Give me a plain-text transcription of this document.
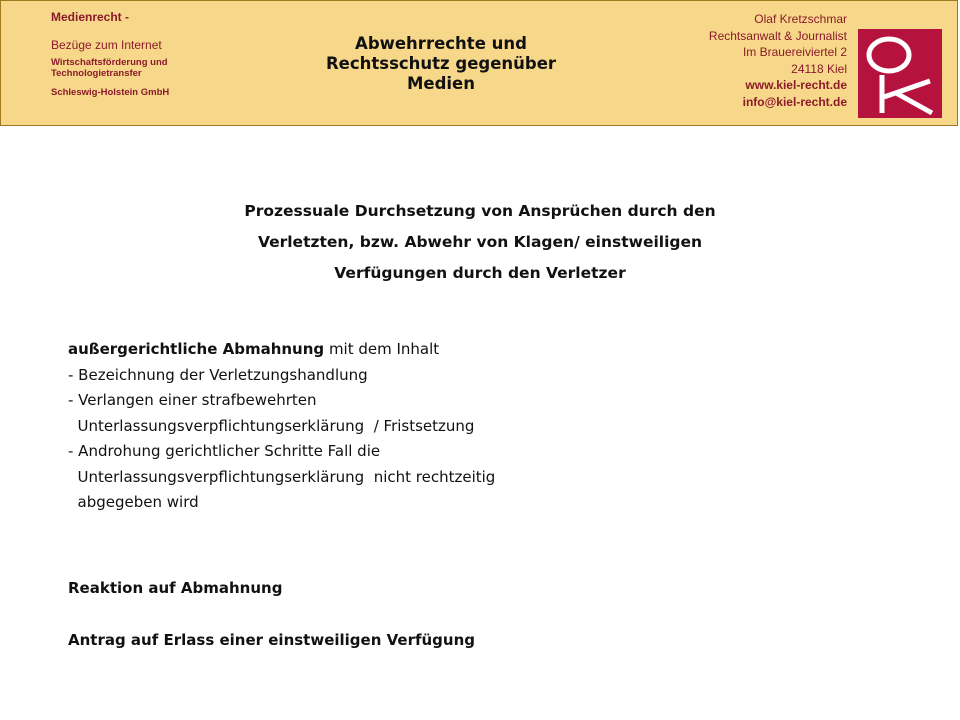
Medienrecht -
Bezüge zum Internet
Wirtschaftsförderung und Technologietransfer
Schleswig-Holstein GmbH
Abwehrrechte und
Rechtsschutz gegenüber
Medien
Olaf Kretzschmar
Rechtsanwalt & Journalist
Im Brauereiviertel 2
24118 Kiel
www.kiel-recht.de
info@kiel-recht.de
Prozessuale Durchsetzung von Ansprüchen durch den
Verletzten, bzw. Abwehr von Klagen/ einstweiligen
Verfügungen durch den Verletzer
außergerichtliche Abmahnung mit dem Inhalt
- Bezeichnung der Verletzungshandlung
- Verlangen einer strafbewehrten
Unterlassungsverpflichtungserklärung  / Fristsetzung
- Androhung gerichtlicher Schritte Fall die
Unterlassungsverpflichtungserklärung  nicht rechtzeitig
abgegeben wird
Reaktion auf Abmahnung
Antrag auf Erlass einer einstweiligen Verfügung
